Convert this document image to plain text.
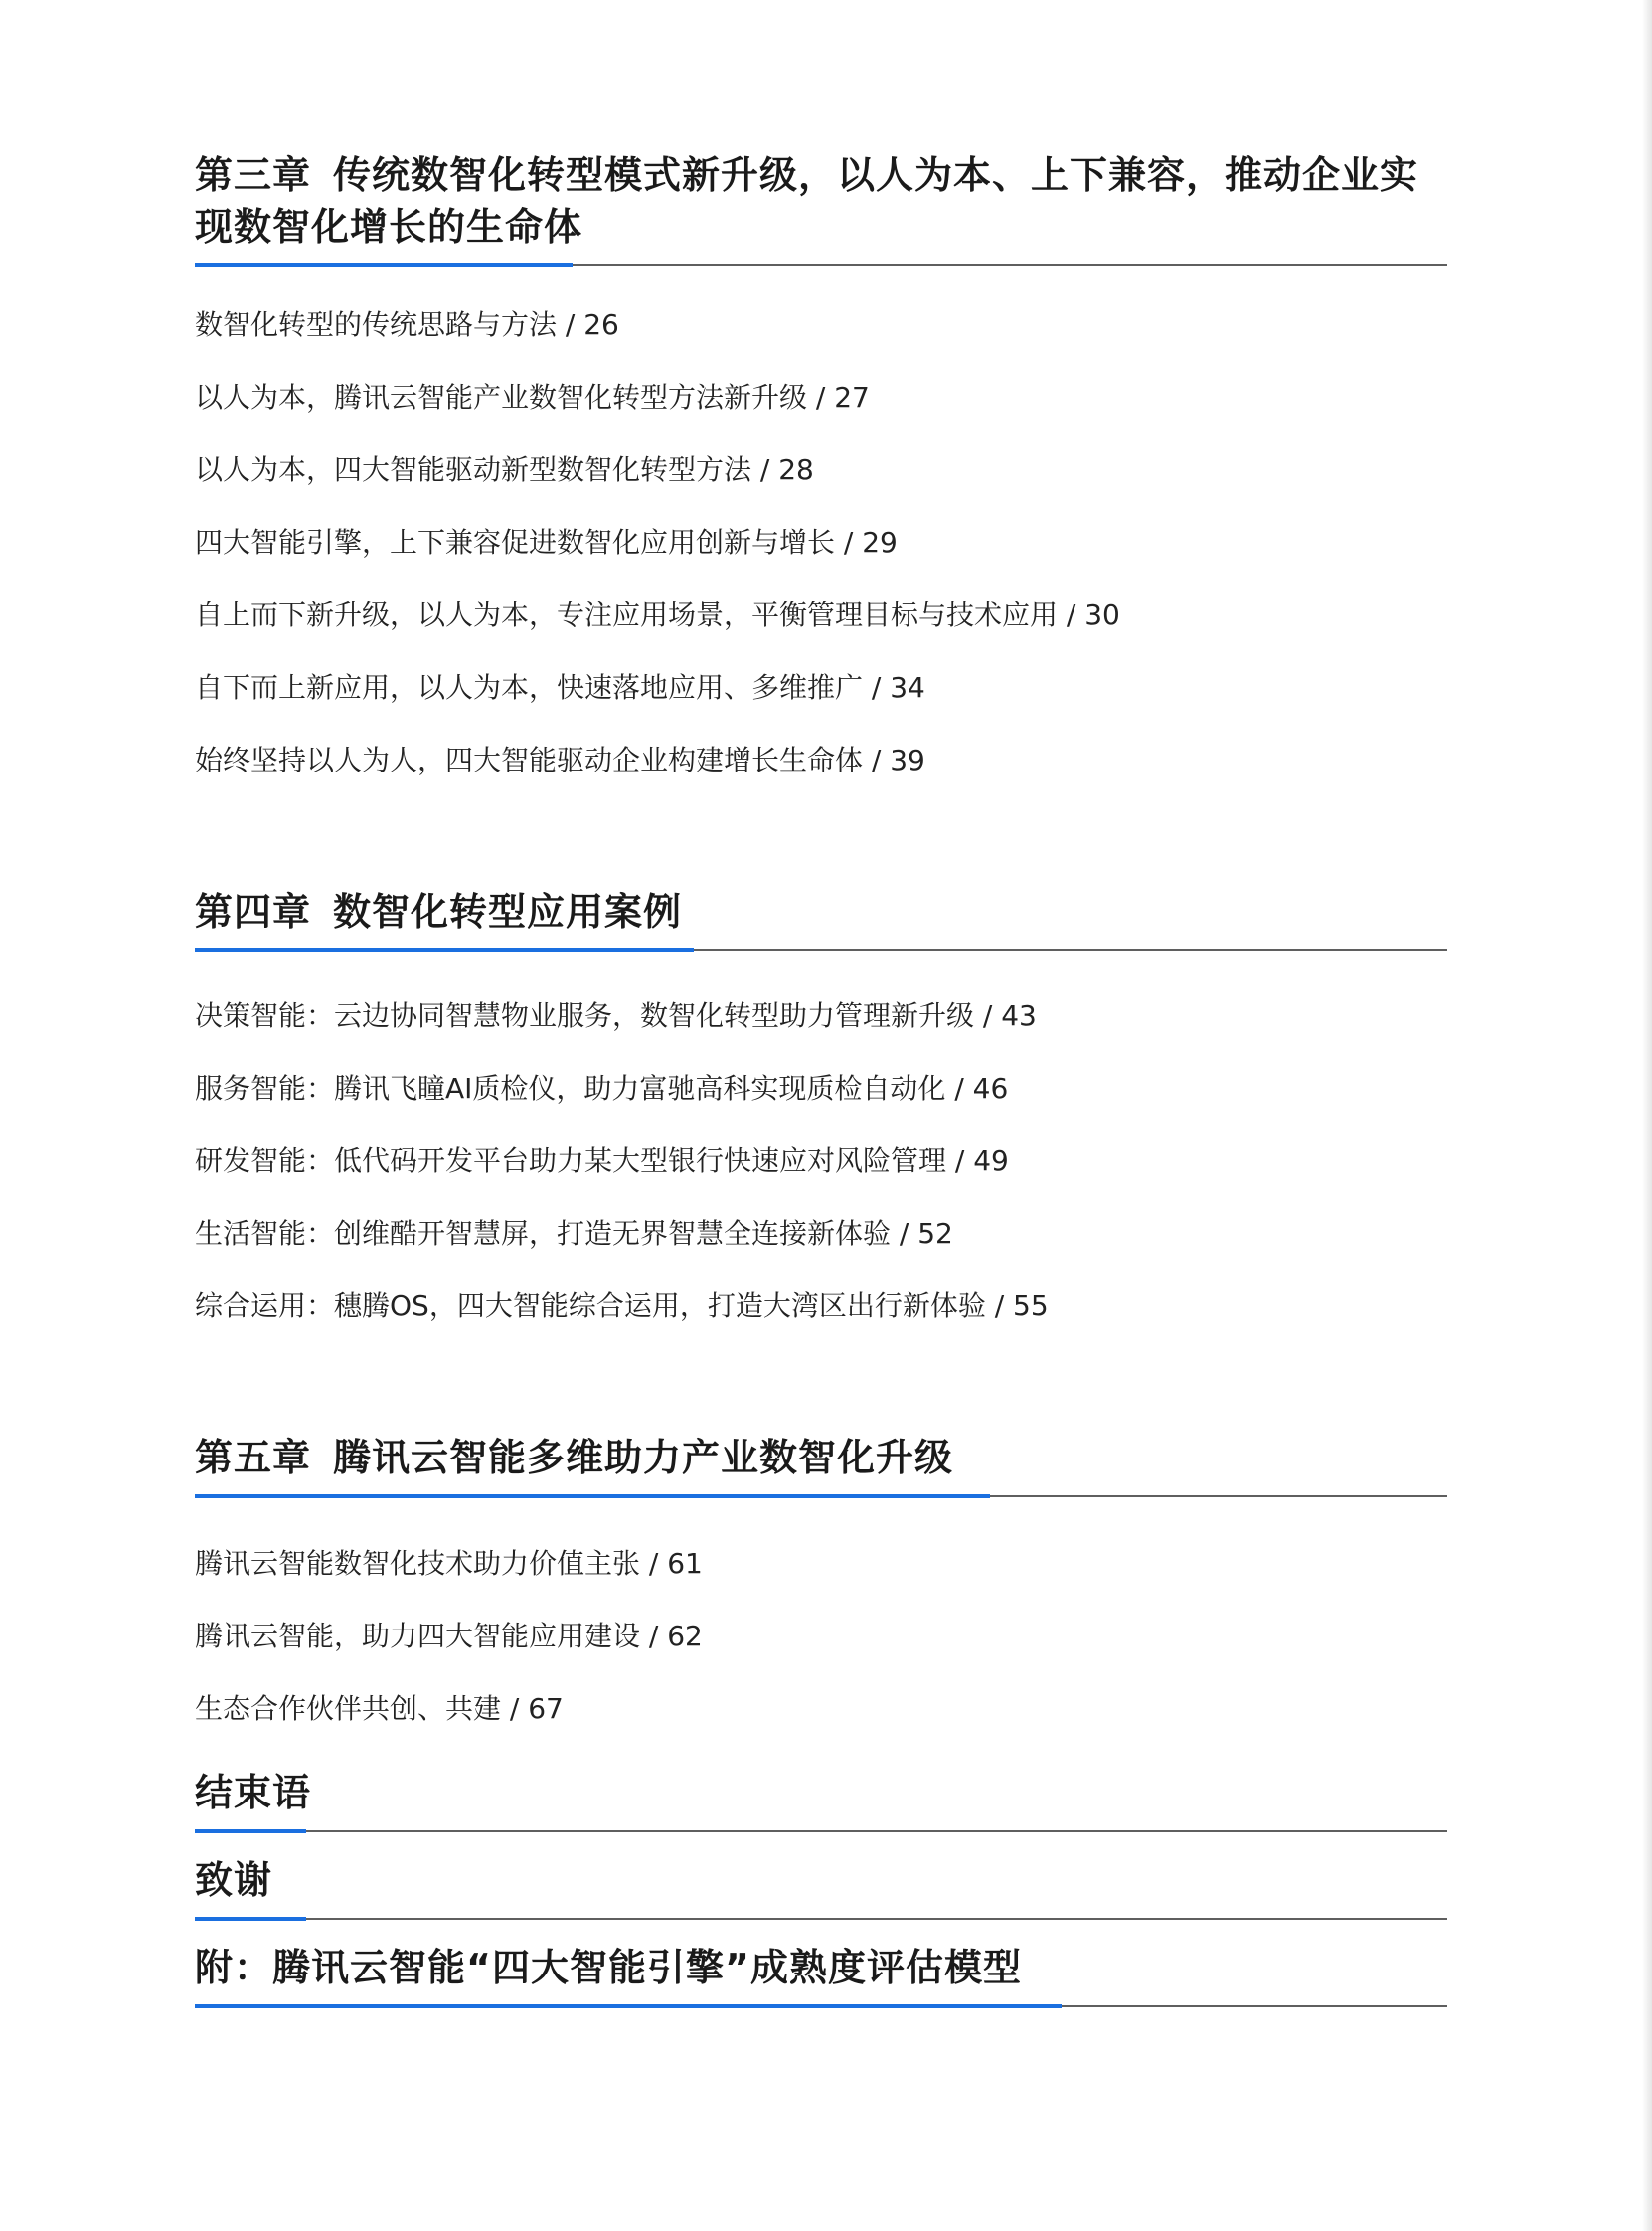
第三章 传统数智化转型模式新升级，以人为本、上下兼容，推动企业实现数智化增长的生命体
数智化转型的传统思路与方法 / 26
以人为本，腾讯云智能产业数智化转型方法新升级 / 27
以人为本，四大智能驱动新型数智化转型方法 / 28
四大智能引擎，上下兼容促进数智化应用创新与增长 / 29
自上而下新升级，以人为本，专注应用场景，平衡管理目标与技术应用 / 30
自下而上新应用，以人为本，快速落地应用、多维推广 / 34
始终坚持以人为人，四大智能驱动企业构建增长生命体 / 39
第四章 数智化转型应用案例
决策智能：云边协同智慧物业服务，数智化转型助力管理新升级 / 43
服务智能：腾讯飞瞳AI质检仪，助力富驰高科实现质检自动化 / 46
研发智能：低代码开发平台助力某大型银行快速应对风险管理 / 49
生活智能：创维酷开智慧屏，打造无界智慧全连接新体验 / 52
综合运用：穗腾OS，四大智能综合运用，打造大湾区出行新体验 / 55
第五章 腾讯云智能多维助力产业数智化升级
腾讯云智能数智化技术助力价值主张 / 61
腾讯云智能，助力四大智能应用建设 / 62
生态合作伙伴共创、共建 / 67
结束语
致谢
附：腾讯云智能“四大智能引擎”成熟度评估模型
